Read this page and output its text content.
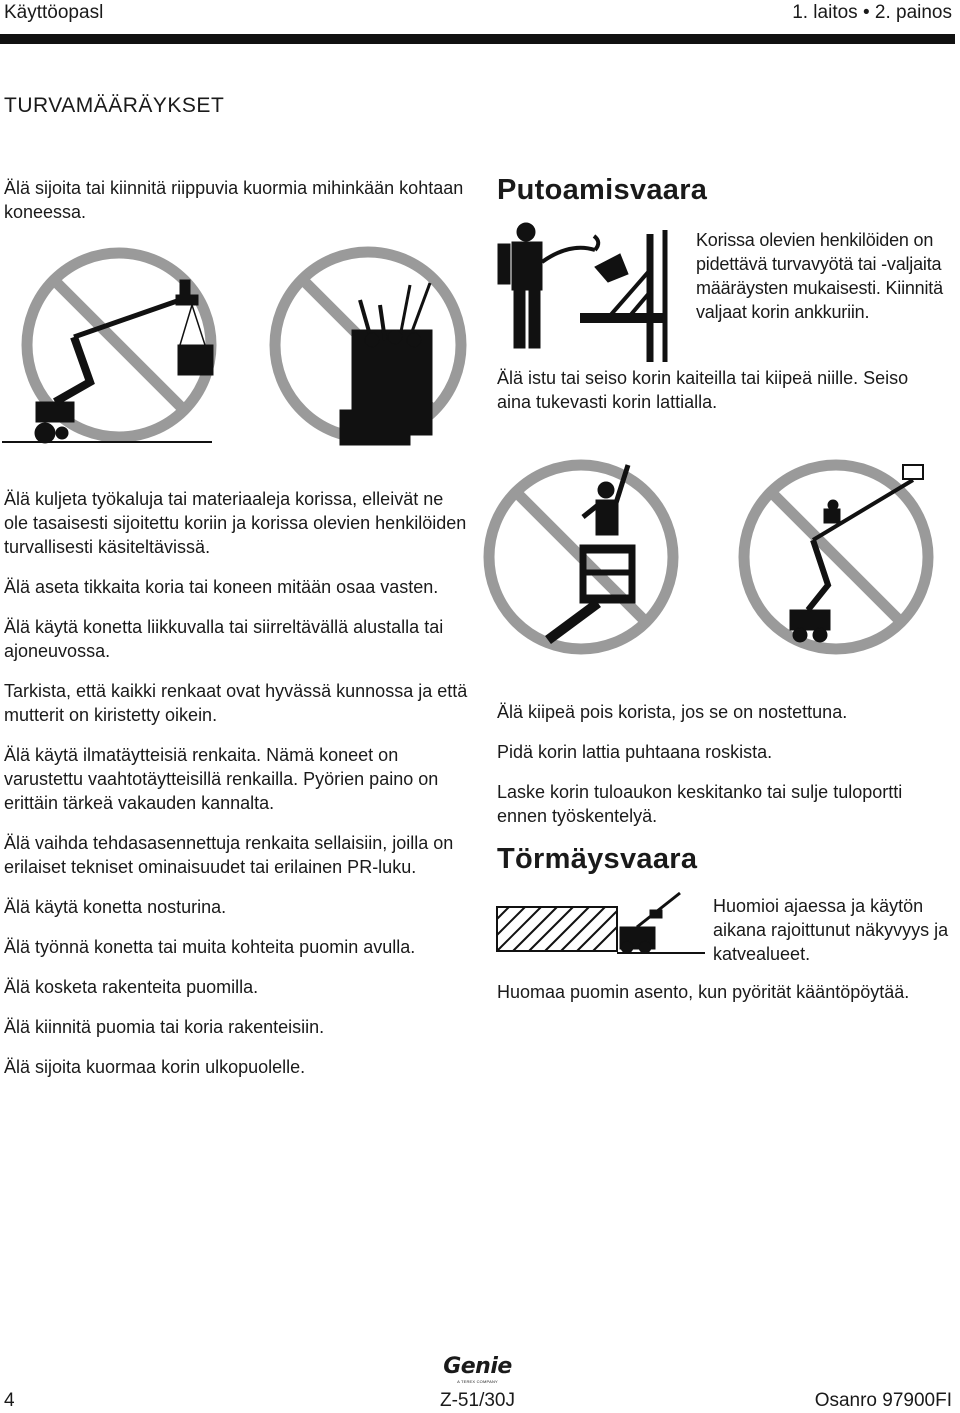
Käyttöopasl	1. laitos • 2. painos
TURVAMÄÄRÄYKSET

Älä sijoita tai kiinnitä riippuvia kuormia mihinkään kohtaan koneessa.

Älä kuljeta työkaluja tai materiaaleja korissa, elleivät ne ole tasaisesti sijoitettu koriin ja korissa olevien henkilöiden turvallisesti käsiteltävissä.

Älä aseta tikkaita koria tai koneen mitään osaa vasten.

Älä käytä konetta liikkuvalla tai siirreltävällä alustalla tai ajoneuvossa.

Tarkista, että kaikki renkaat ovat hyvässä kunnossa ja että mutterit on kiristetty oikein.

Älä käytä ilmatäytteisiä renkaita. Nämä koneet on varustettu vaahtotäytteisillä renkailla. Pyörien paino on erittäin tärkeä vakauden kannalta.

Älä vaihda tehdasasennettuja renkaita sellaisiin, joilla on erilaiset tekniset ominaisuudet tai erilainen PR-luku.

Älä käytä konetta nosturina.

Älä työnnä konetta tai muita kohteita puomin avulla.

Älä kosketa rakenteita puomilla.

Älä kiinnitä puomia tai koria rakenteisiin.

Älä sijoita kuormaa korin ulkopuolelle.

Putoamisvaara

Korissa olevien henkilöiden on pidettävä turvavyötä tai -valjaita määräysten mukaisesti. Kiinnitä valjaat korin ankkuriin.

Älä istu tai seiso korin kaiteilla tai kiipeä niille. Seiso aina tukevasti korin lattialla.

Älä kiipeä pois korista, jos se on nostettuna.

Pidä korin lattia puhtaana roskista.

Laske korin tuloaukon keskitanko tai sulje tuloportti ennen työskentelyä.

Törmäysvaara

Huomioi ajaessa ja käytön aikana rajoittunut näkyvyys ja katvealueet.

Huomaa puomin asento, kun pyörität kääntöpöytää.

Genie
A TEREX COMPANY
4	Z-51/30J	Osanro 97900FI
